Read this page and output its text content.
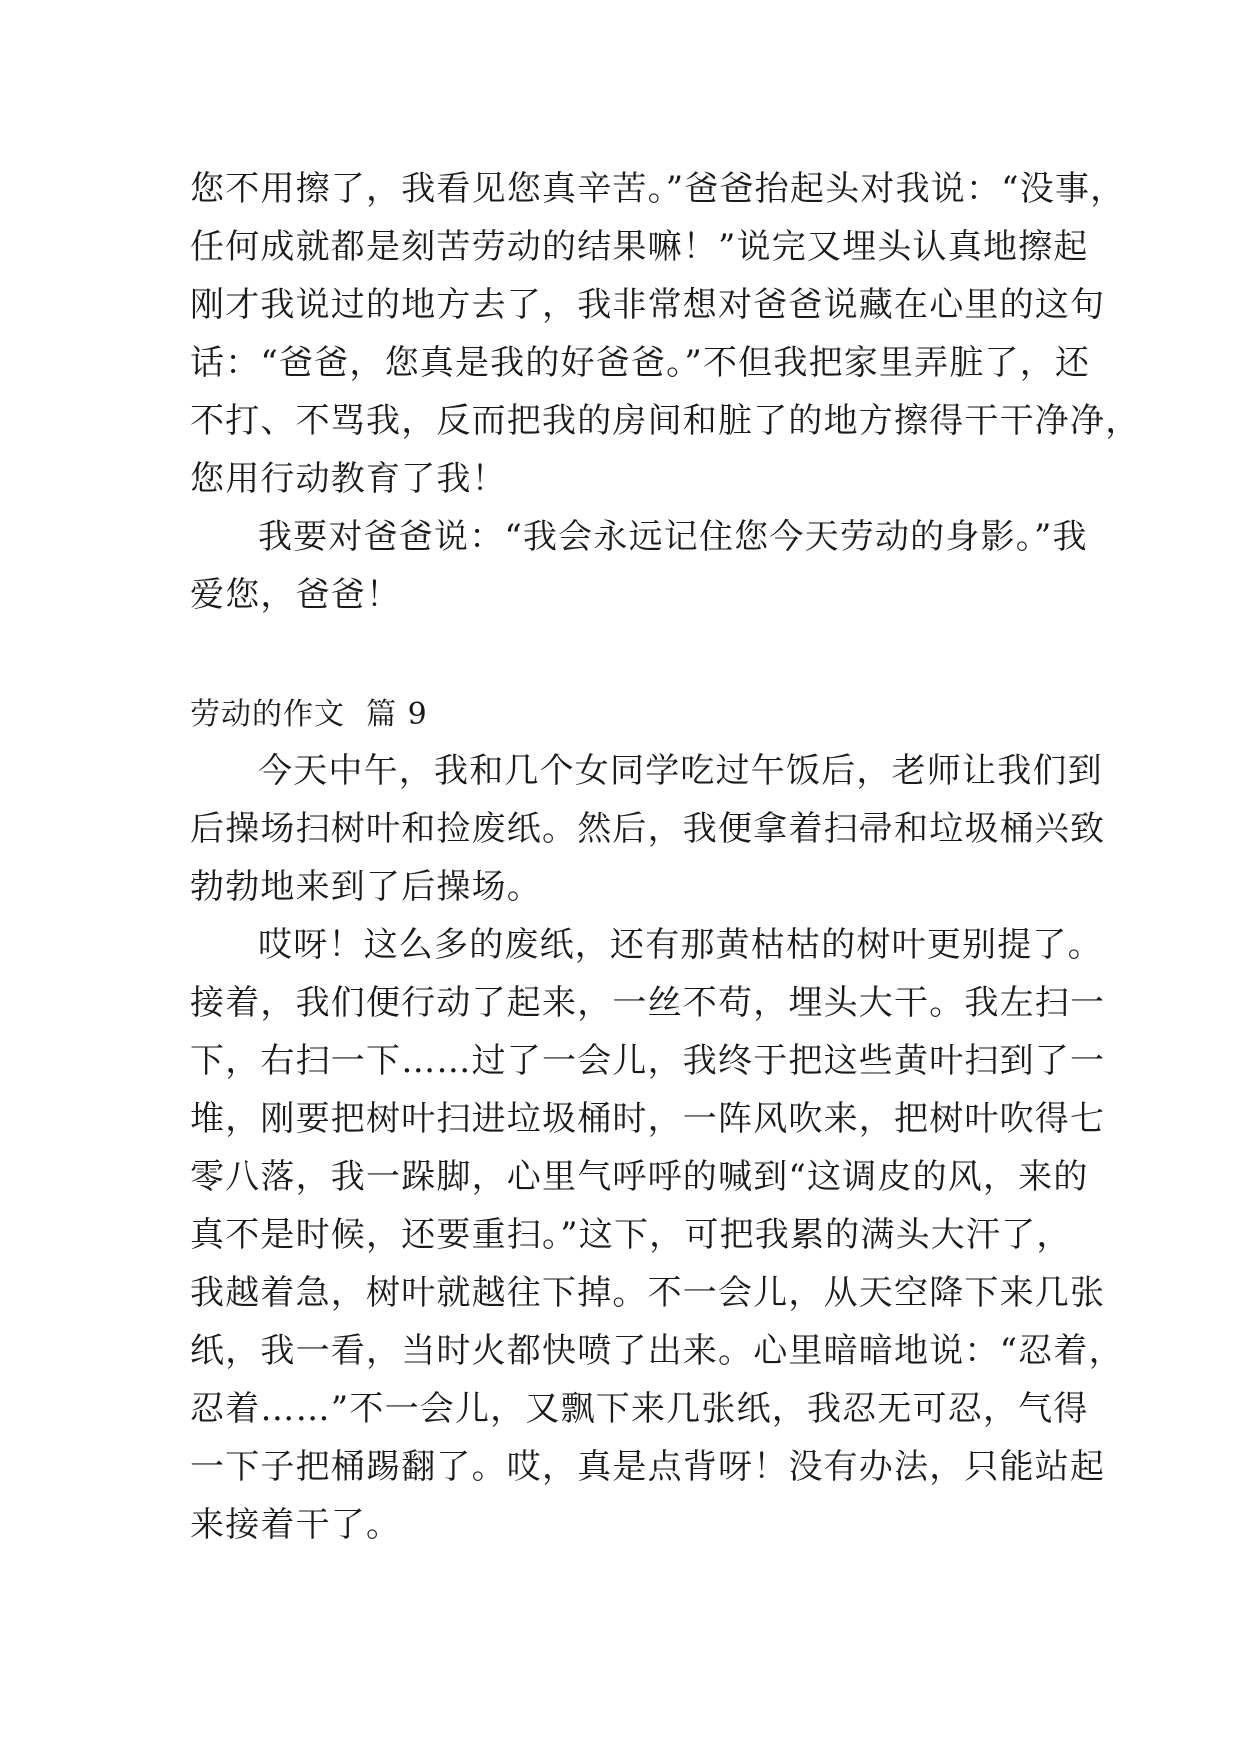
您不用擦了，我看见您真辛苦。”爸爸抬起头对我说：“没事，
任何成就都是刻苦劳动的结果嘛！”说完又埋头认真地擦起
刚才我说过的地方去了，我非常想对爸爸说藏在心里的这句
话：“爸爸，您真是我的好爸爸。”不但我把家里弄脏了，还
不打、不骂我，反而把我的房间和脏了的地方擦得干干净净，
您用行动教育了我！
我要对爸爸说：“我会永远记住您今天劳动的身影。”我
爱您，爸爸！
劳动的作文  篇 9
今天中午，我和几个女同学吃过午饭后，老师让我们到
后操场扫树叶和捡废纸。然后，我便拿着扫帚和垃圾桶兴致
勃勃地来到了后操场。
哎呀！这么多的废纸，还有那黄枯枯的树叶更别提了。
接着，我们便行动了起来，一丝不苟，埋头大干。我左扫一
下，右扫一下……过了一会儿，我终于把这些黄叶扫到了一
堆，刚要把树叶扫进垃圾桶时，一阵风吹来，把树叶吹得七
零八落，我一跺脚，心里气呼呼的喊到“这调皮的风，来的
真不是时候，还要重扫。”这下，可把我累的满头大汗了，
我越着急，树叶就越往下掉。不一会儿，从天空降下来几张
纸，我一看，当时火都快喷了出来。心里暗暗地说：“忍着，
忍着……”不一会儿，又飘下来几张纸，我忍无可忍，气得
一下子把桶踢翻了。哎，真是点背呀！没有办法，只能站起
来接着干了。
